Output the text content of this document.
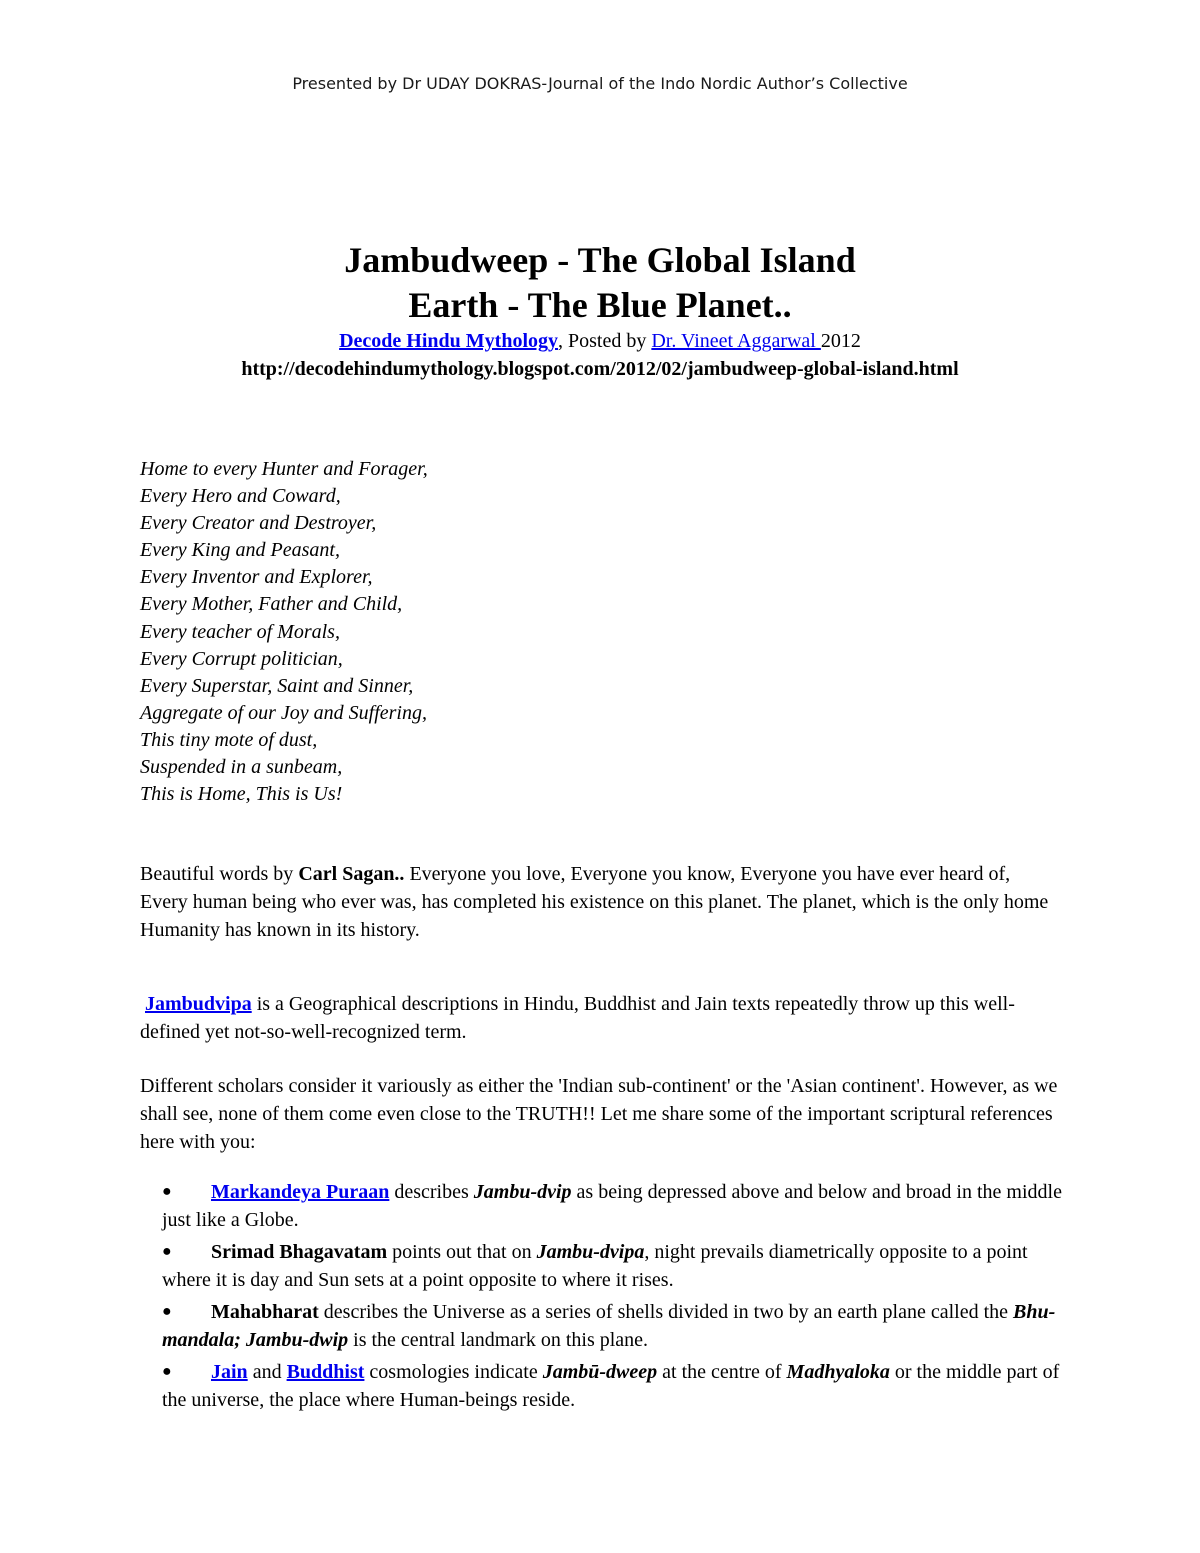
Presented by Dr UDAY DOKRAS-Journal of the Indo Nordic Author’s Collective
Jambudweep - The Global Island
Earth - The Blue Planet..
Decode Hindu Mythology, Posted by Dr. Vineet Aggarwal 2012
http://decodehindumythology.blogspot.com/2012/02/jambudweep-global-island.html
Home to every Hunter and Forager,
Every Hero and Coward,
Every Creator and Destroyer,
Every King and Peasant,
Every Inventor and Explorer,
Every Mother, Father and Child,
Every teacher of Morals,
Every Corrupt politician,
Every Superstar, Saint and Sinner,
Aggregate of our Joy and Suffering,
This tiny mote of dust,
Suspended in a sunbeam,
This is Home, This is Us!
Beautiful words by Carl Sagan.. Everyone you love, Everyone you know, Everyone you have ever heard of, Every human being who ever was, has completed his existence on this planet. The planet, which is the only home Humanity has known in its history.
Jambudvipa is a Geographical descriptions in Hindu, Buddhist and Jain texts repeatedly throw up this well-defined yet not-so-well-recognized term.
Different scholars consider it variously as either the 'Indian sub-continent' or the 'Asian continent'. However, as we shall see, none of them come even close to the TRUTH!! Let me share some of the important scriptural references here with you:
●
Markandeya Puraan describes Jambu-dvip as being depressed above and below and broad in the middle just like a Globe.
●
Srimad Bhagavatam points out that on Jambu-dvipa, night prevails diametrically opposite to a point where it is day and Sun sets at a point opposite to where it rises.
●
Mahabharat describes the Universe as a series of shells divided in two by an earth plane called the Bhu-mandala; Jambu-dwip is the central landmark on this plane.
●
Jain and Buddhist cosmologies indicate Jambū-dweep at the centre of Madhyaloka or the middle part of the universe, the place where Human-beings reside.
